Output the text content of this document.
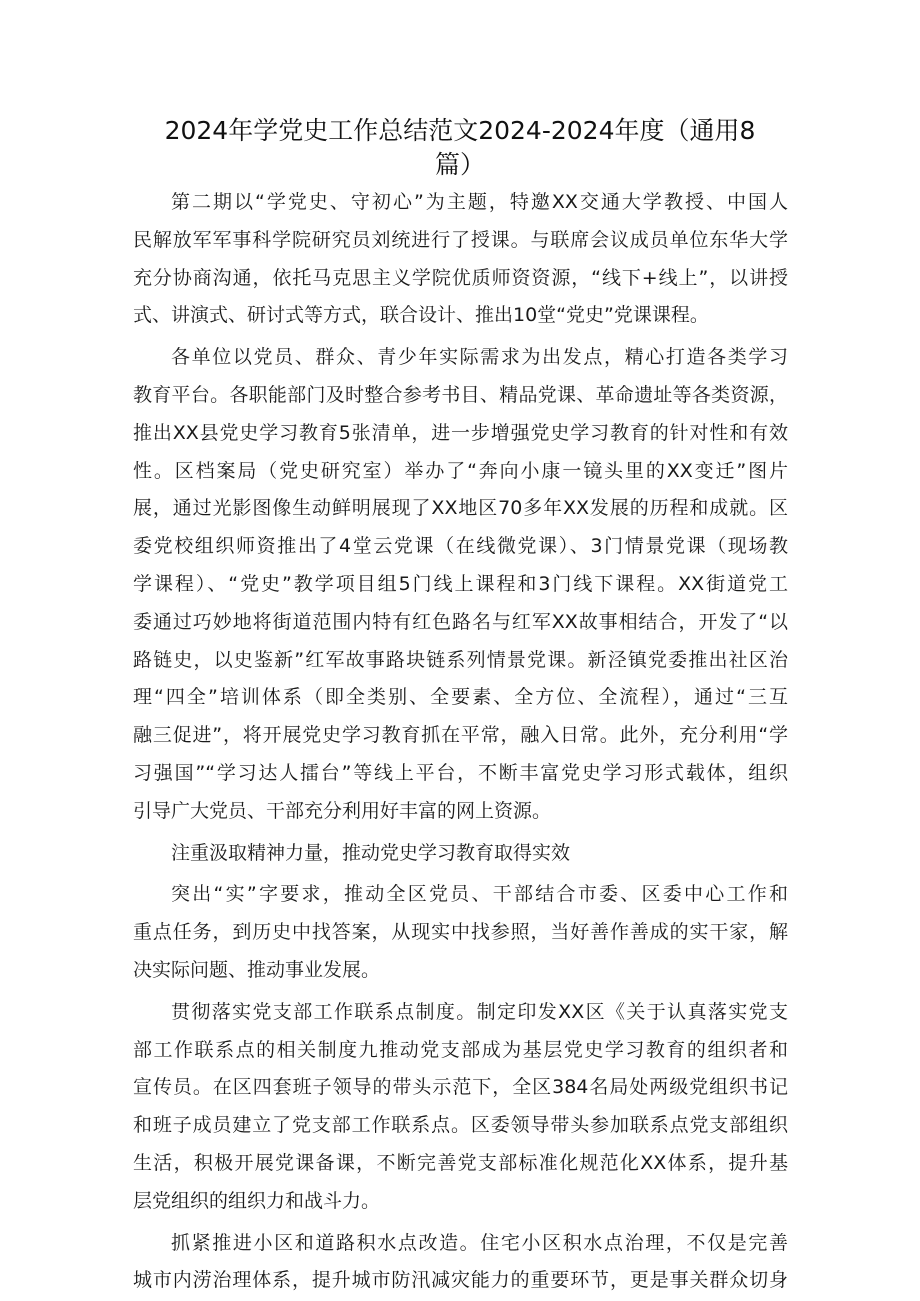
2024年学党史工作总结范文2024-2024年度（通用8
篇）
第二期以“学党史、守初心”为主题，特邀XX交通大学教授、中国人
民解放军军事科学院研究员刘统进行了授课。与联席会议成员单位东华大学
充分协商沟通，依托马克思主义学院优质师资资源，“线下+线上”，以讲授
式、讲演式、研讨式等方式，联合设计、推出10堂“党史”党课课程。
各单位以党员、群众、青少年实际需求为出发点，精心打造各类学习
教育平台。各职能部门及时整合参考书目、精品党课、革命遗址等各类资源，
推出XX县党史学习教育5张清单，进一步增强党史学习教育的针对性和有效
性。区档案局（党史研究室）举办了“奔向小康一镜头里的XX变迁”图片
展，通过光影图像生动鲜明展现了XX地区70多年XX发展的历程和成就。区
委党校组织师资推出了4堂云党课（在线微党课）、3门情景党课（现场教
学课程）、“党史”教学项目组5门线上课程和3门线下课程。XX街道党工
委通过巧妙地将街道范围内特有红色路名与红军XX故事相结合，开发了“以
路链史，以史鉴新”红军故事路块链系列情景党课。新泾镇党委推出社区治
理“四全”培训体系（即全类别、全要素、全方位、全流程），通过“三互
融三促进”，将开展党史学习教育抓在平常，融入日常。此外，充分利用“学
习强国”“学习达人擂台”等线上平台，不断丰富党史学习形式载体，组织
引导广大党员、干部充分利用好丰富的网上资源。
注重汲取精神力量，推动党史学习教育取得实效
突出“实”字要求，推动全区党员、干部结合市委、区委中心工作和
重点任务，到历史中找答案，从现实中找参照，当好善作善成的实干家，解
决实际问题、推动事业发展。
贯彻落实党支部工作联系点制度。制定印发XX区《关于认真落实党支
部工作联系点的相关制度九推动党支部成为基层党史学习教育的组织者和
宣传员。在区四套班子领导的带头示范下，全区384名局处两级党组织书记
和班子成员建立了党支部工作联系点。区委领导带头参加联系点党支部组织
生活，积极开展党课备课，不断完善党支部标准化规范化XX体系，提升基
层党组织的组织力和战斗力。
抓紧推进小区和道路积水点改造。住宅小区积水点治理，不仅是完善
城市内涝治理体系，提升城市防汛减灾能力的重要环节，更是事关群众切身
